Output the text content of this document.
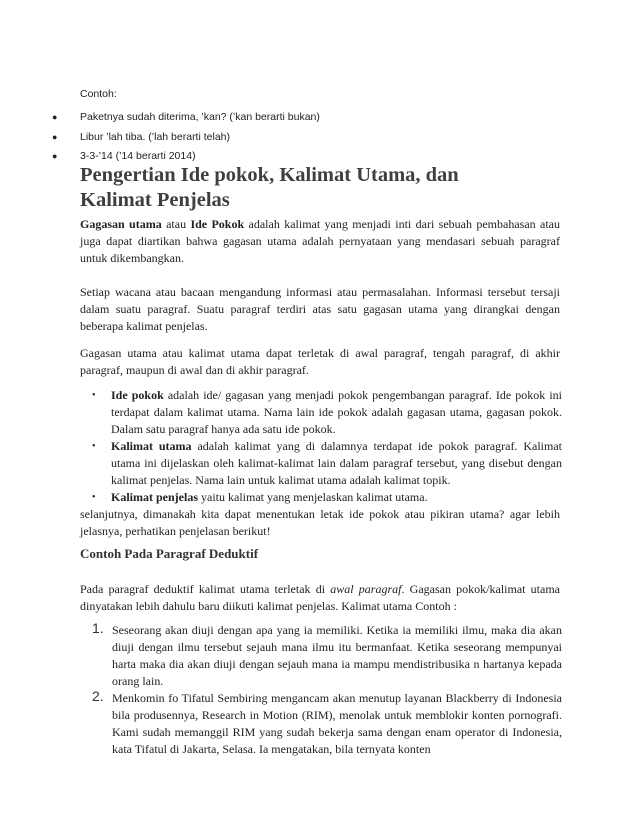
Contoh:
● Paketnya sudah diterima, ’kan? (’kan berarti bukan)
● Libur ’lah tiba. (’lah berarti telah)
● 3-3-’14 (’14 berarti 2014)
Pengertian Ide pokok, Kalimat Utama, dan Kalimat Penjelas

Gagasan utama atau Ide Pokok adalah kalimat yang menjadi inti dari sebuah pembahasan atau juga dapat diartikan bahwa gagasan utama adalah pernyataan yang mendasari sebuah paragraf untuk dikembangkan.

Setiap wacana atau bacaan mengandung informasi atau permasalahan. Informasi tersebut tersaji dalam suatu paragraf. Suatu paragraf terdiri atas satu gagasan utama yang dirangkai dengan beberapa kalimat penjelas.

Gagasan utama atau kalimat utama dapat terletak di awal paragraf, tengah paragraf, di akhir paragraf, maupun di awal dan di akhir paragraf.

• Ide pokok adalah ide/ gagasan yang menjadi pokok pengembangan paragraf. Ide pokok ini terdapat dalam kalimat utama. Nama lain ide pokok adalah gagasan utama, gagasan pokok. Dalam satu paragraf hanya ada satu ide pokok.
• Kalimat utama adalah kalimat yang di dalamnya terdapat ide pokok paragraf. Kalimat utama ini dijelaskan oleh kalimat-kalimat lain dalam paragraf tersebut, yang disebut dengan kalimat penjelas. Nama lain untuk kalimat utama adalah kalimat topik.
• Kalimat penjelas yaitu kalimat yang menjelaskan kalimat utama.

selanjutnya, dimanakah kita dapat menentukan letak ide pokok atau pikiran utama? agar lebih jelasnya, perhatikan penjelasan berikut!

Contoh Pada Paragraf Deduktif

Pada paragraf deduktif kalimat utama terletak di awal paragraf. Gagasan pokok/kalimat utama dinyatakan lebih dahulu baru diikuti kalimat penjelas. Kalimat utama Contoh :

1. Seseorang akan diuji dengan apa yang ia memiliki. Ketika ia memiliki ilmu, maka dia akan diuji dengan ilmu tersebut sejauh mana ilmu itu bermanfaat. Ketika seseorang mempunyai harta maka dia akan diuji dengan sejauh mana ia mampu mendistribusika n hartanya kepada orang lain.
2. Menkomin fo Tifatul Sembiring mengancam akan menutup layanan Blackberry di Indonesia bila produsennya, Research in Motion (RIM), menolak untuk memblokir konten pornografi. Kami sudah memanggil RIM yang sudah bekerja sama dengan enam operator di Indonesia, kata Tifatul di Jakarta, Selasa. Ia mengatakan, bila ternyata konten
